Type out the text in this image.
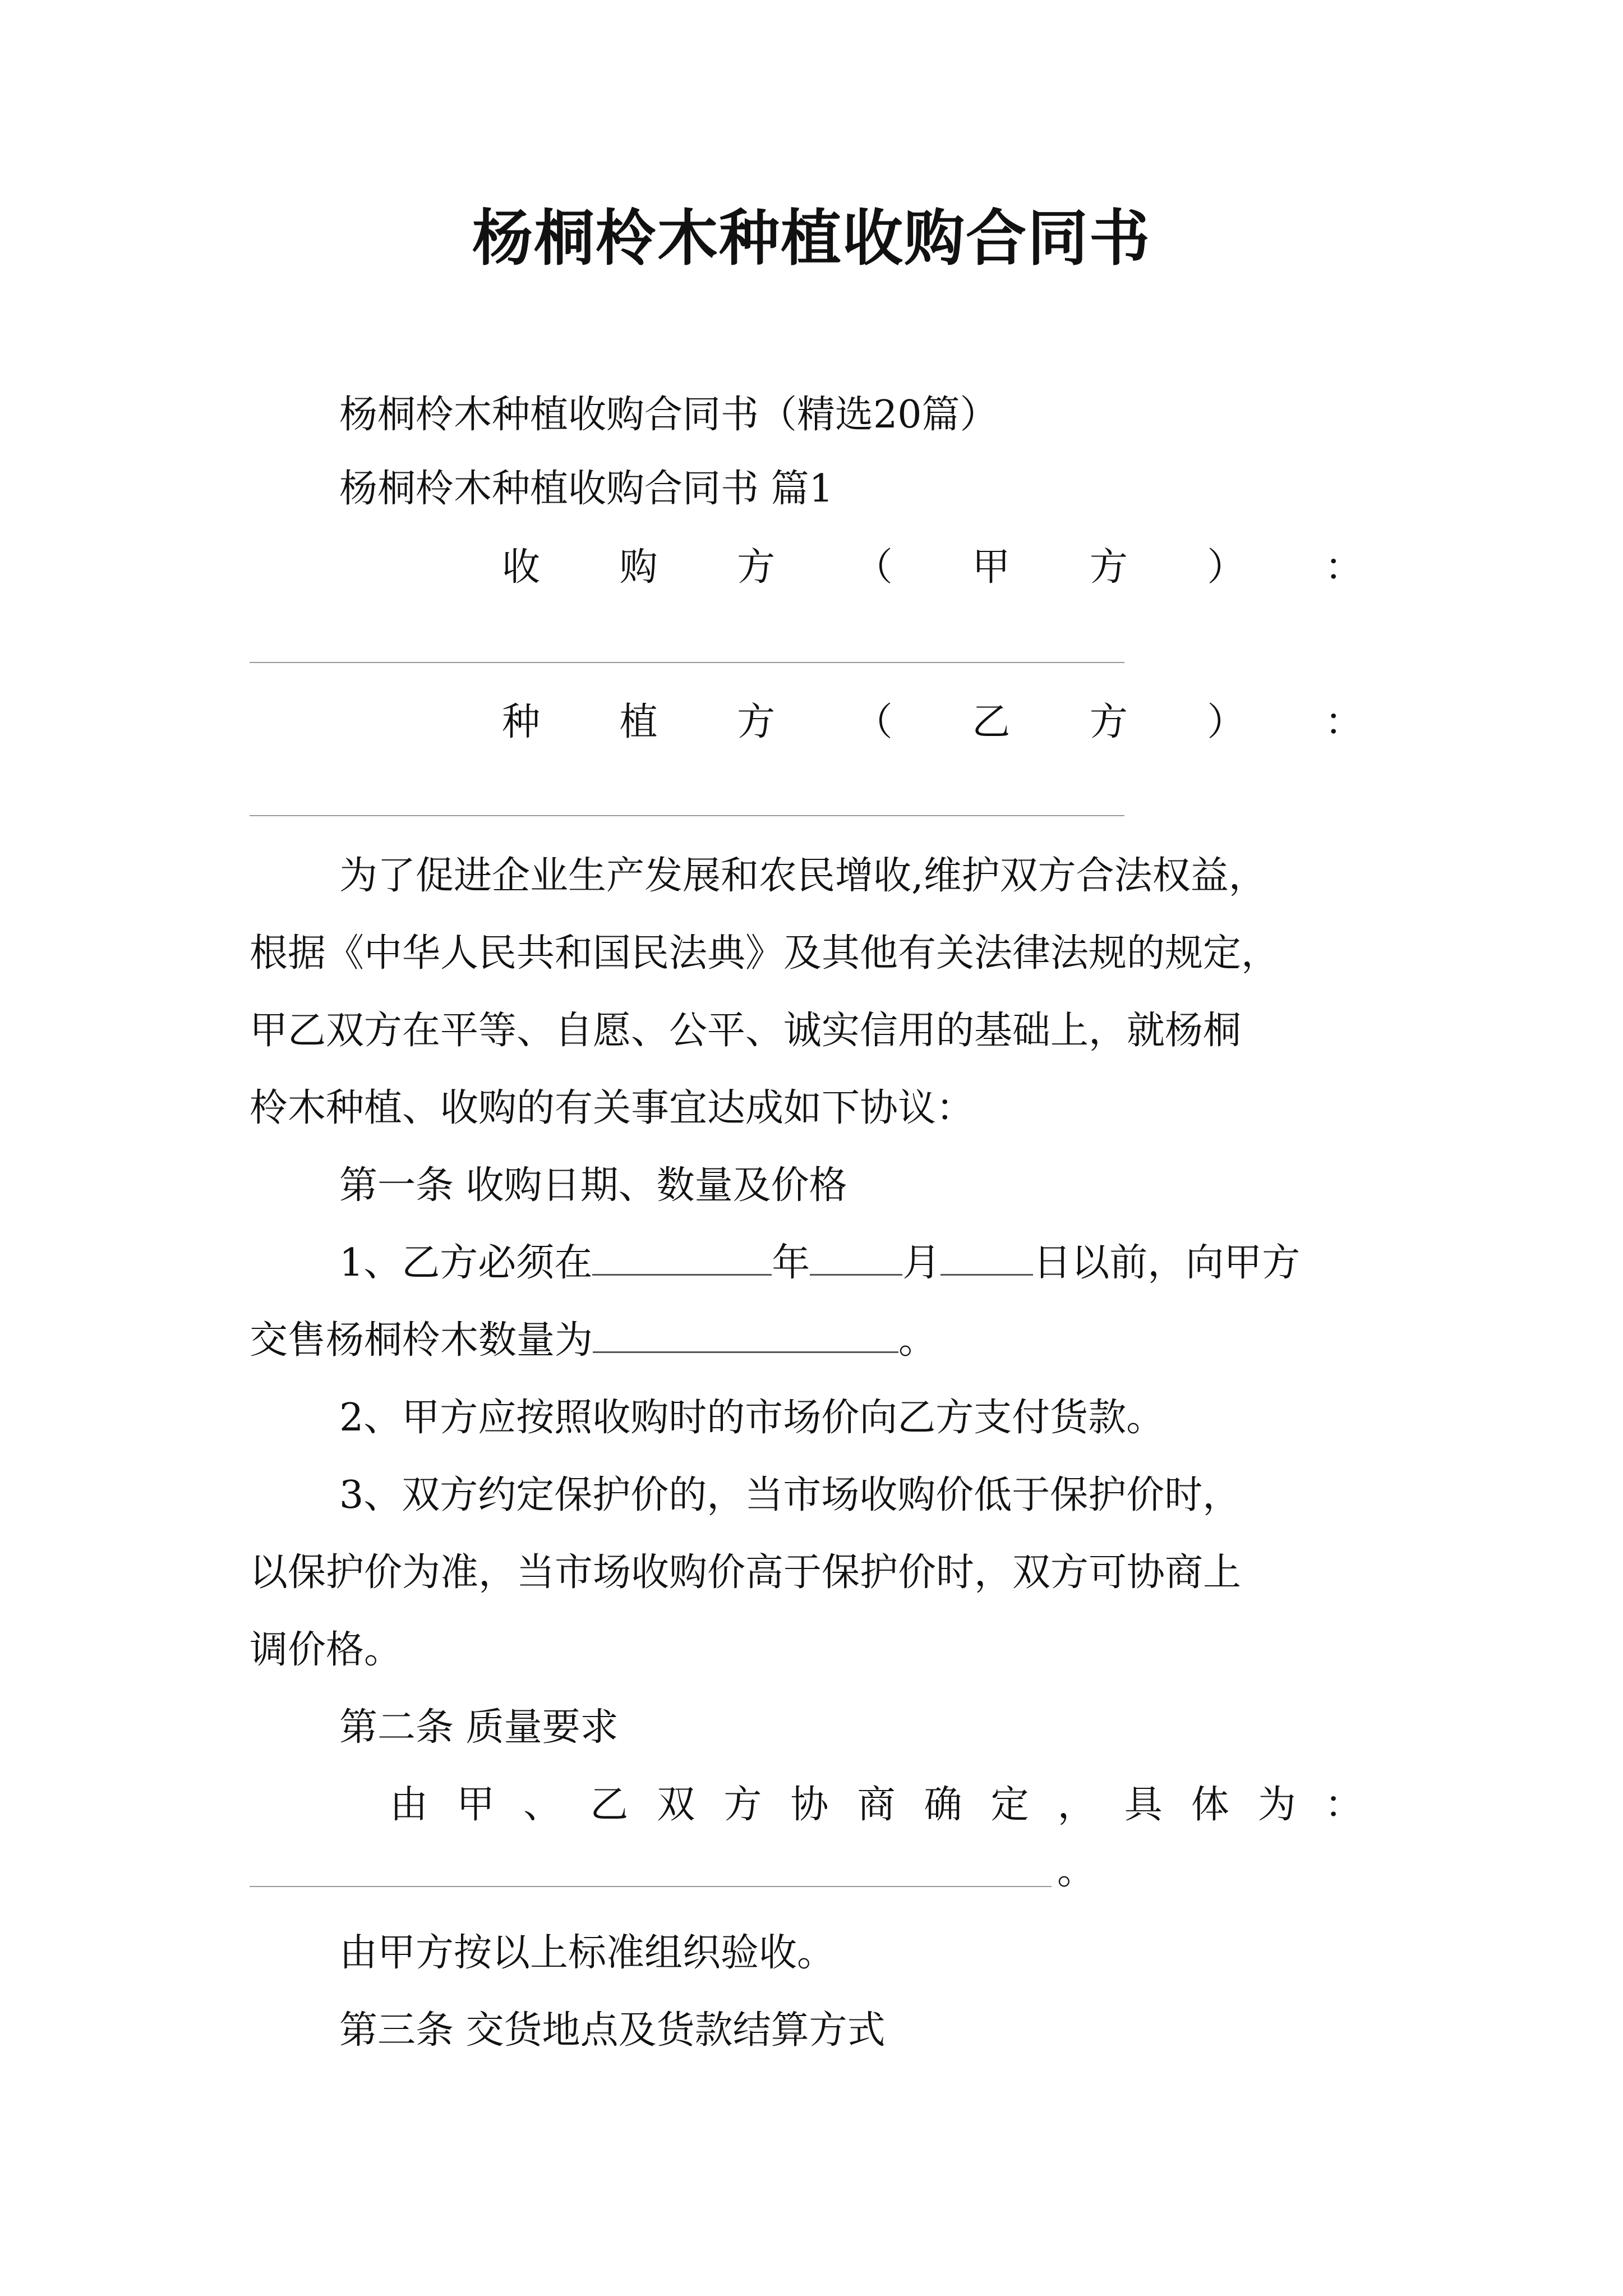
杨桐柃木种植收购合同书
杨桐柃木种植收购合同书（精选20篇）
杨桐柃木种植收购合同书 篇1
收 购 方 （ 甲 方 ） ：
种 植 方 （ 乙 方 ） ：
为了促进企业生产发展和农民增收,维护双方合法权益，
根据《中华人民共和国民法典》及其他有关法律法规的规定，
甲乙双方在平等、自愿、公平、诚实信用的基础上，就杨桐
柃木种植、收购的有关事宜达成如下协议：
第一条 收购日期、数量及价格
1、乙方必须在	年 月 日以前，向甲方
交售杨桐柃木数量为	。
2、甲方应按照收购时的市场价向乙方支付货款。
3、双方约定保护价的，当市场收购价低于保护价时，
以保护价为准，当市场收购价高于保护价时，双方可协商上
调价格。
第二条 质量要求
由 甲 、 乙 双 方 协 商 确 定 ， 具 体 为 ：
。
由甲方按以上标准组织验收。
第三条 交货地点及货款结算方式
